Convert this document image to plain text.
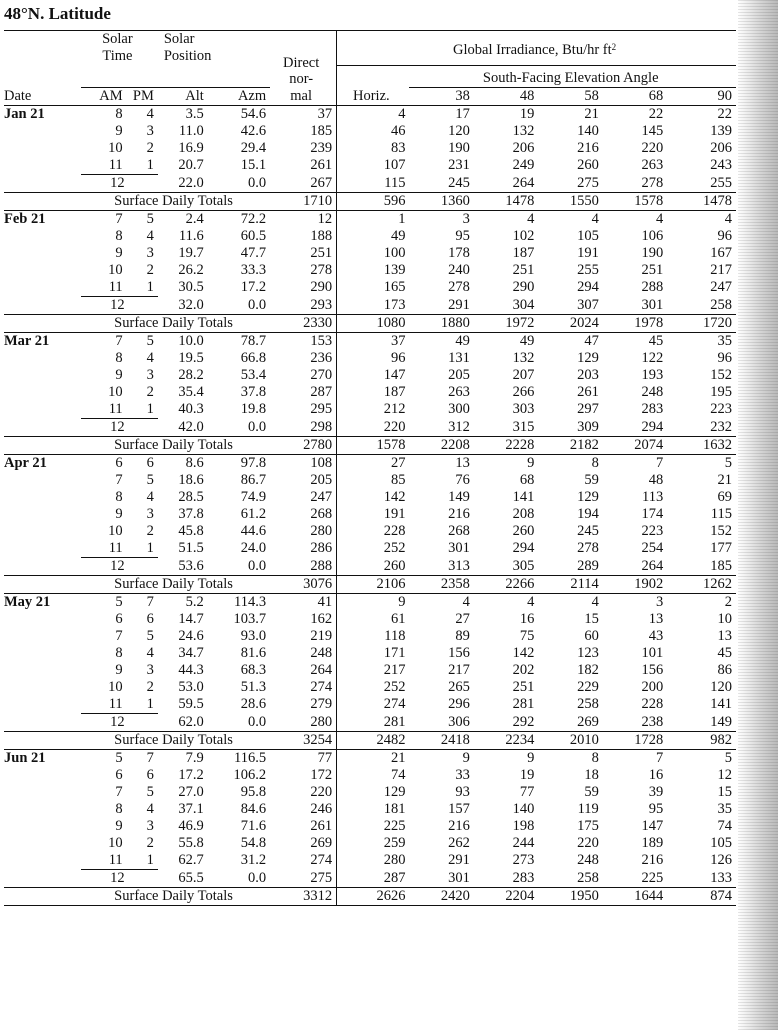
48°N. Latitude
	Solar Time		Solar Position		Direct
nor-	Global Irradiance, Btu/hr $ft^2$
							South-Facing Elevation Angle				
Date	AM	PM	Alt	Azm	mal	Horiz.	38	48	58	68	90
Jan 21	8	4	3.5	54.6	37	4	17	19	21	22	22
	9	3	11.0	42.6	185	46	120	132	140	145	139
	10	2	16.9	29.4	239	83	190	206	216	220	206
	11	1	20.7	15.1	261	107	231	249	260	263	243
	12		22.0	0.0	267	115	245	264	275	278	255
	Surface Daily Totals				1710	596	1360	1478	1550	1578	1478
Feb 21	7	5	2.4	72.2	12	1	3	4	4	4	4
	8	4	11.6	60.5	188	49	95	102	105	106	96
	9	3	19.7	47.7	251	100	178	187	191	190	167
	10	2	26.2	33.3	278	139	240	251	255	251	217
	11	1	30.5	17.2	290	165	278	290	294	288	247
	12		32.0	0.0	293	173	291	304	307	301	258
	Surface Daily Totals				2330	1080	1880	1972	2024	1978	1720
Mar 21	7	5	10.0	78.7	153	37	49	49	47	45	35
	8	4	19.5	66.8	236	96	131	132	129	122	96
	9	3	28.2	53.4	270	147	205	207	203	193	152
	10	2	35.4	37.8	287	187	263	266	261	248	195
	11	1	40.3	19.8	295	212	300	303	297	283	223
	12		42.0	0.0	298	220	312	315	309	294	232
	Surface Daily Totals				2780	1578	2208	2228	2182	2074	1632
Apr 21	6	6	8.6	97.8	108	27	13	9	8	7	5
	7	5	18.6	86.7	205	85	76	68	59	48	21
	8	4	28.5	74.9	247	142	149	141	129	113	69
	9	3	37.8	61.2	268	191	216	208	194	174	115
	10	2	45.8	44.6	280	228	268	260	245	223	152
	11	1	51.5	24.0	286	252	301	294	278	254	177
	12		53.6	0.0	288	260	313	305	289	264	185
	Surface Daily Totals				3076	2106	2358	2266	2114	1902	1262
May 21	5	7	5.2	114.3	41	9	4	4	4	3	2
	6	6	14.7	103.7	162	61	27	16	15	13	10
	7	5	24.6	93.0	219	118	89	75	60	43	13
	8	4	34.7	81.6	248	171	156	142	123	101	45
	9	3	44.3	68.3	264	217	217	202	182	156	86
	10	2	53.0	51.3	274	252	265	251	229	200	120
	11	1	59.5	28.6	279	274	296	281	258	228	141
	12		62.0	0.0	280	281	306	292	269	238	149
	Surface Daily Totals				3254	2482	2418	2234	2010	1728	982
Jun 21	5	7	7.9	116.5	77	21	9	9	8	7	5
	6	6	17.2	106.2	172	74	33	19	18	16	12
	7	5	27.0	95.8	220	129	93	77	59	39	15
	8	4	37.1	84.6	246	181	157	140	119	95	35
	9	3	46.9	71.6	261	225	216	198	175	147	74
	10	2	55.8	54.8	269	259	262	244	220	189	105
	11	1	62.7	31.2	274	280	291	273	248	216	126
	12		65.5	0.0	275	287	301	283	258	225	133
	Surface Daily Totals				3312	2626	2420	2204	1950	1644	874
